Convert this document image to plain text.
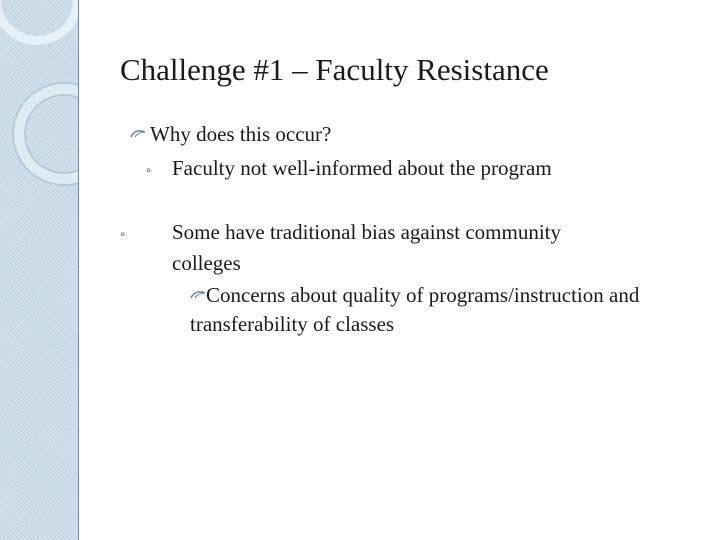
Challenge #1 – Faculty Resistance
Why does this occur?
◦ Faculty not well-informed about the program
◦ Some have traditional bias against community colleges
Concerns about quality of programs/instruction and transferability of classes
